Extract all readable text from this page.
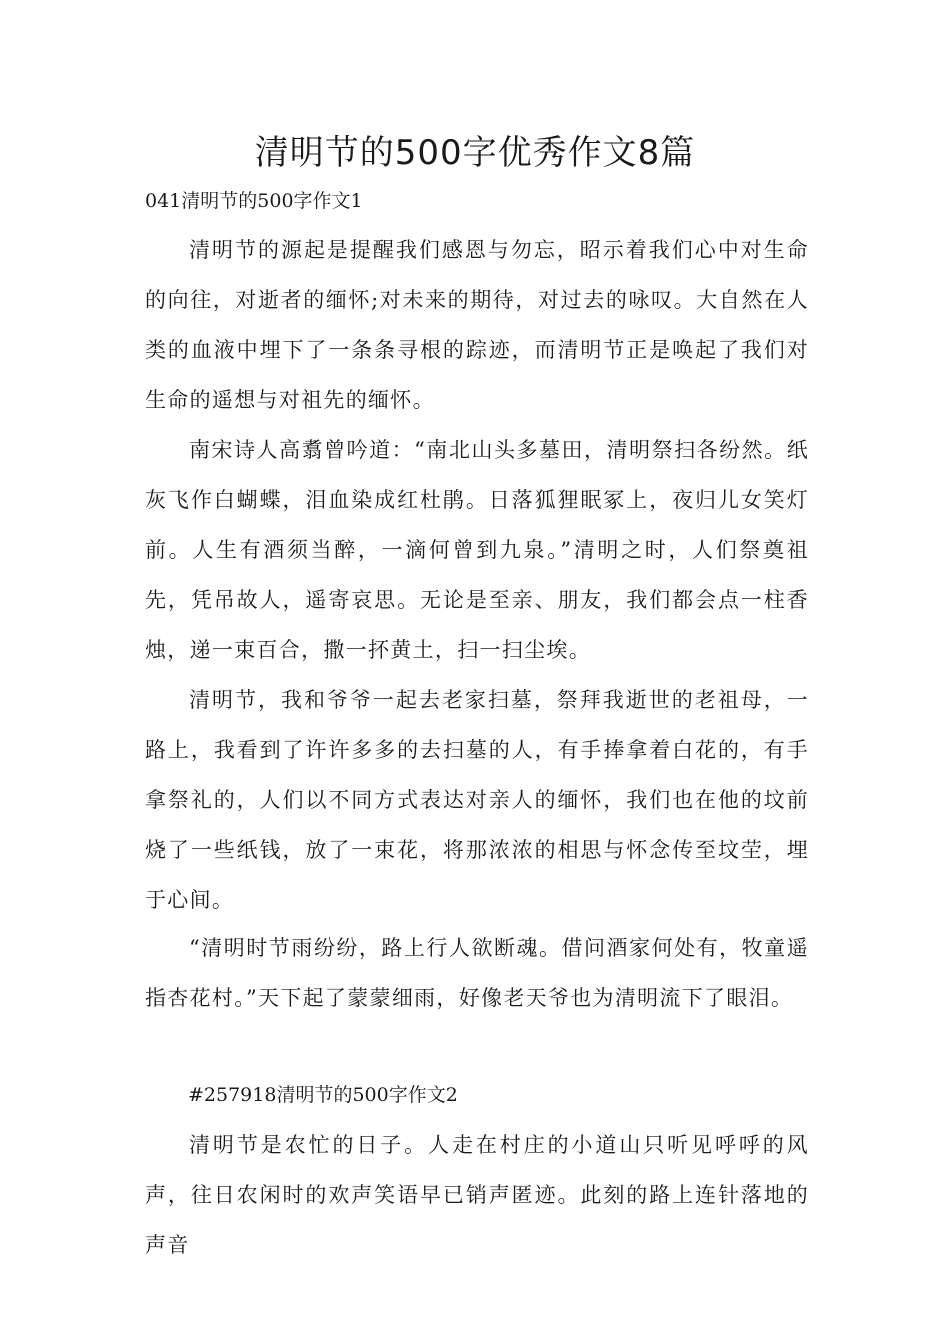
清明节的500字优秀作文8篇
041清明节的500字作文1

清明节的源起是提醒我们感恩与勿忘，昭示着我们心中对生命的向往，对逝者的缅怀;对未来的期待，对过去的咏叹。大自然在人类的血液中埋下了一条条寻根的踪迹，而清明节正是唤起了我们对生命的遥想与对祖先的缅怀。

南宋诗人高翥曾吟道：“南北山头多墓田，清明祭扫各纷然。纸灰飞作白蝴蝶，泪血染成红杜鹃。日落狐狸眠冢上，夜归儿女笑灯前。人生有酒须当醉，一滴何曾到九泉。”清明之时，人们祭奠祖先，凭吊故人，遥寄哀思。无论是至亲、朋友，我们都会点一柱香烛，递一束百合，撒一抔黄土，扫一扫尘埃。

清明节，我和爷爷一起去老家扫墓，祭拜我逝世的老祖母，一路上，我看到了许许多多的去扫墓的人，有手捧拿着白花的，有手拿祭礼的，人们以不同方式表达对亲人的缅怀，我们也在他的坟前烧了一些纸钱，放了一束花，将那浓浓的相思与怀念传至坟茔，埋于心间。

“清明时节雨纷纷，路上行人欲断魂。借问酒家何处有，牧童遥指杏花村。”天下起了蒙蒙细雨，好像老天爷也为清明流下了眼泪。

#257918清明节的500字作文2

清明节是农忙的日子。人走在村庄的小道山只听见呼呼的风声，往日农闲时的欢声笑语早已销声匿迹。此刻的路上连针落地的声音
